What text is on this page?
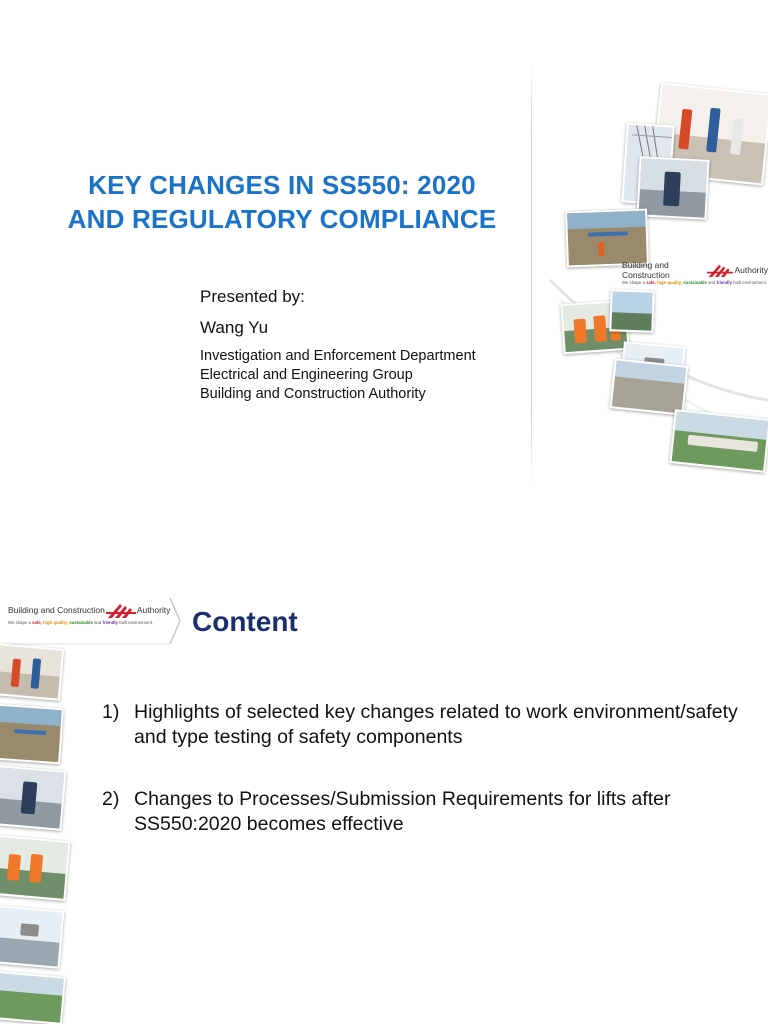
KEY CHANGES IN SS550: 2020
AND REGULATORY COMPLIANCE
Presented by:
Wang Yu
Investigation and Enforcement Department
Electrical and Engineering Group
Building and Construction Authority
Building and Construction	Authority
We shape a safe, high quality, sustainable and friendly built environment.
Building and Construction	Authority
We shape a safe, high quality, sustainable and friendly built environment.	Content
1) Highlights of selected key changes related to work environment/safety and type testing of safety components
2) Changes to Processes/Submission Requirements for lifts after SS550:2020 becomes effective
